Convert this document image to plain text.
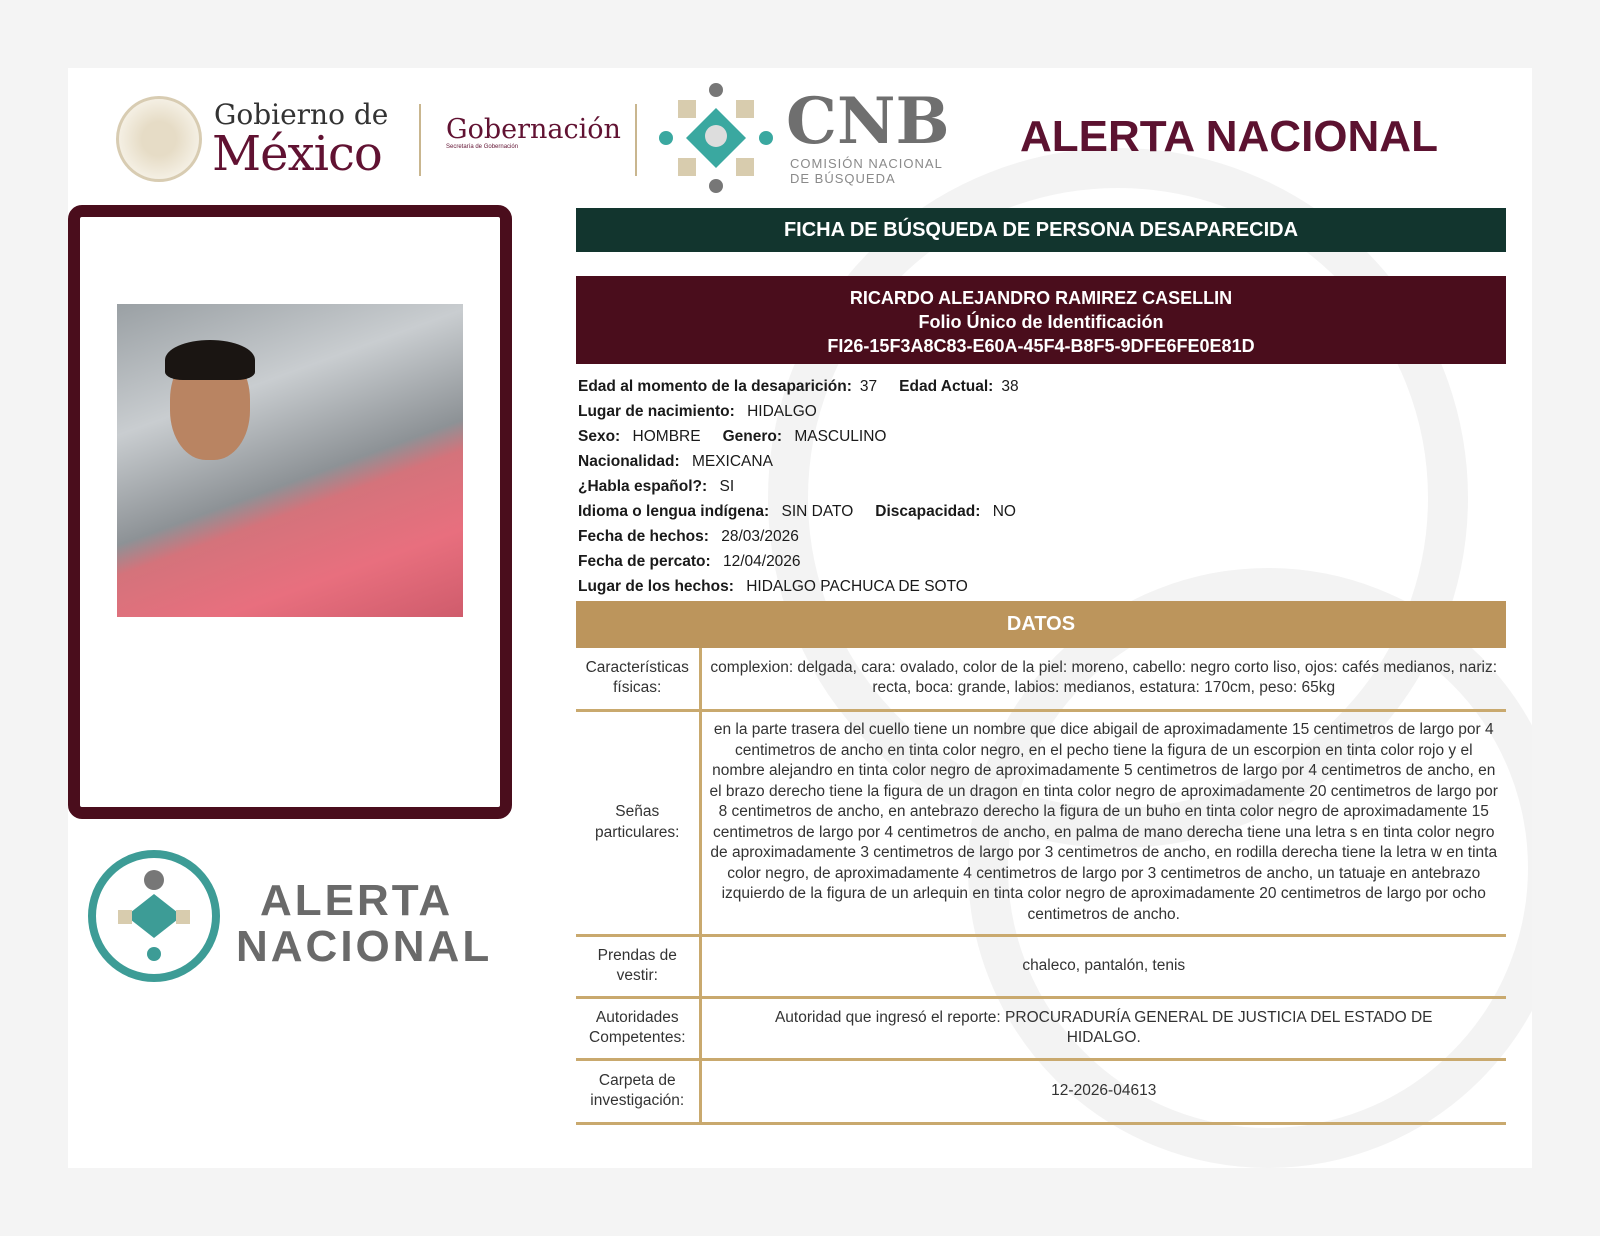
Gobierno de
México Gobernación
Secretaría de Gobernación	CNB
COMISIÓN NACIONAL
DE BÚSQUEDA
ALERTA NACIONAL
ALERTA
NACIONAL
FICHA DE BÚSQUEDA DE PERSONA DESAPARECIDA
RICARDO ALEJANDRO RAMIREZ CASELLIN
Folio Único de Identificación
FI26-15F3A8C83-E60A-45F4-B8F5-9DFE6FE0E81D
Edad al momento de la desaparición: 37 Edad Actual: 38
Lugar de nacimiento: HIDALGO
Sexo: HOMBRE Genero: MASCULINO
Nacionalidad: MEXICANA
¿Habla español?: SI
Idioma o lengua indígena: SIN DATO Discapacidad: NO
Fecha de hechos: 28/03/2026
Fecha de percato: 12/04/2026
Lugar de los hechos: HIDALGO PACHUCA DE SOTO
DATOS
Características físicas:	complexion: delgada, cara: ovalado, color de la piel: moreno, cabello: negro corto liso, ojos: cafés medianos, nariz: recta, boca: grande, labios: medianos, estatura: 170cm, peso: 65kg
Señas particulares:	en la parte trasera del cuello tiene un nombre que dice abigail de aproximadamente 15 centimetros de largo por 4 centimetros de ancho en tinta color negro, en el pecho tiene la figura de un escorpion en tinta color rojo y el nombre alejandro en tinta color negro de aproximadamente 5 centimetros de largo por 4 centimetros de ancho, en el brazo derecho tiene la figura de un dragon en tinta color negro de aproximadamente 20 centimetros de largo por 8 centimetros de ancho, en antebrazo derecho la figura de un buho en tinta color negro de aproximadamente 15 centimetros de largo por 4 centimetros de ancho, en palma de mano derecha tiene una letra s en tinta color negro de aproximadamente 3 centimetros de largo por 3 centimetros de ancho, en rodilla derecha tiene la letra w en tinta color negro, de aproximadamente 4 centimetros de largo por 3 centimetros de ancho, un tatuaje en antebrazo izquierdo de la figura de un arlequin en tinta color negro de aproximadamente 20 centimetros de largo por ocho centimetros de ancho.
Prendas de vestir:	chaleco, pantalón, tenis
Autoridades Competentes:	Autoridad que ingresó el reporte: PROCURADURÍA GENERAL DE JUSTICIA DEL ESTADO DE HIDALGO.
Carpeta de investigación:	12-2026-04613
